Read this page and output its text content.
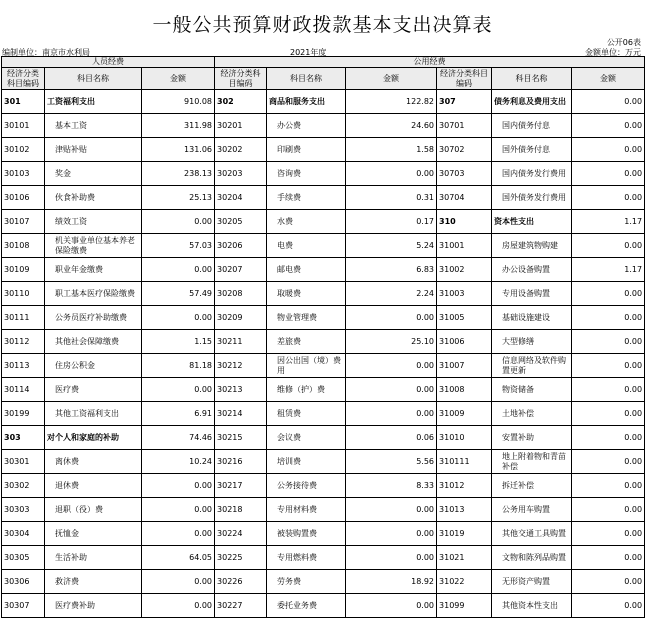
一般公共预算财政拨款基本支出决算表
公开06表
编制单位：南京市水利局	2021年度	金额单位：万元
人员经费			公用经费					
经济分类科目编码	科目名称	金额	经济分类科目编码	科目名称	金额	经济分类科目编码	科目名称	金额
301	工资福利支出	910.08	302	商品和服务支出	122.82	307	债务利息及费用支出	0.00
30101	基本工资	311.98	30201	办公费	24.60	30701	国内债务付息	0.00
30102	津贴补贴	131.06	30202	印刷费	1.58	30702	国外债务付息	0.00
30103	奖金	238.13	30203	咨询费	0.00	30703	国内债务发行费用	0.00
30106	伙食补助费	25.13	30204	手续费	0.31	30704	国外债务发行费用	0.00
30107	绩效工资	0.00	30205	水费	0.17	310	资本性支出	1.17
30108	机关事业单位基本养老保险缴费	57.03	30206	电费	5.24	31001	房屋建筑物购建	0.00
30109	职业年金缴费	0.00	30207	邮电费	6.83	31002	办公设备购置	1.17
30110	职工基本医疗保险缴费	57.49	30208	取暖费	2.24	31003	专用设备购置	0.00
30111	公务员医疗补助缴费	0.00	30209	物业管理费	0.00	31005	基础设施建设	0.00
30112	其他社会保障缴费	1.15	30211	差旅费	25.10	31006	大型修缮	0.00
30113	住房公积金	81.18	30212	因公出国（境）费用	0.00	31007	信息网络及软件购置更新	0.00
30114	医疗费	0.00	30213	维修（护）费	0.00	31008	物资储备	0.00
30199	其他工资福利支出	6.91	30214	租赁费	0.00	31009	土地补偿	0.00
303	对个人和家庭的补助	74.46	30215	会议费	0.06	31010	安置补助	0.00
30301	离休费	10.24	30216	培训费	5.56	310111	地上附着物和青苗补偿	0.00
30302	退休费	0.00	30217	公务接待费	8.33	31012	拆迁补偿	0.00
30303	退职（役）费	0.00	30218	专用材料费	0.00	31013	公务用车购置	0.00
30304	抚恤金	0.00	30224	被装购置费	0.00	31019	其他交通工具购置	0.00
30305	生活补助	64.05	30225	专用燃料费	0.00	31021	文物和陈列品购置	0.00
30306	救济费	0.00	30226	劳务费	18.92	31022	无形资产购置	0.00
30307	医疗费补助	0.00	30227	委托业务费	0.00	31099	其他资本性支出	0.00
